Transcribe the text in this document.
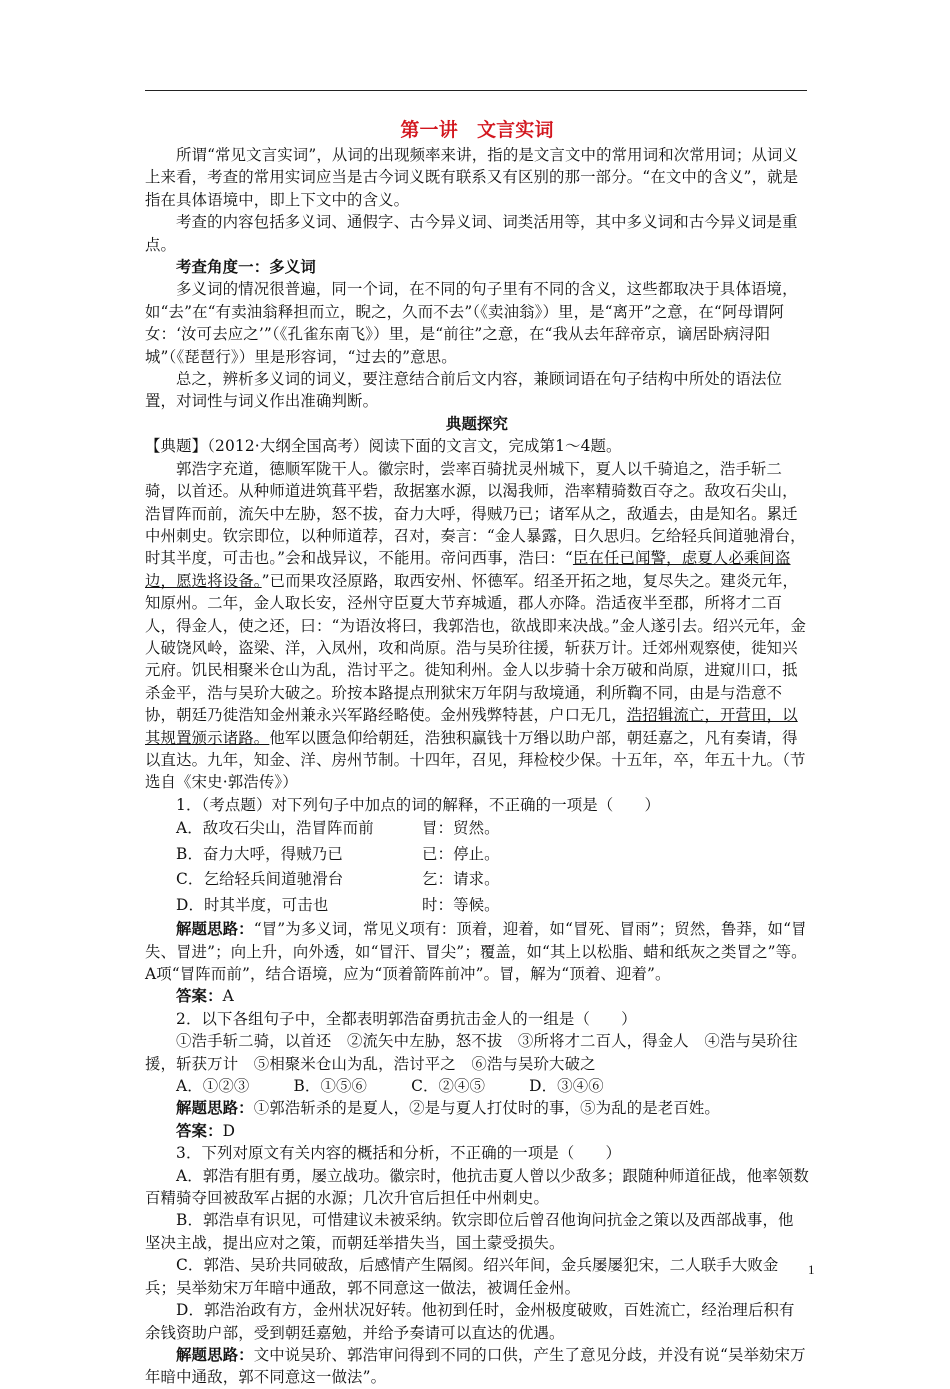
第一讲　文言实词

所谓“常见文言实词”，从词的出现频率来讲，指的是文言文中的常用词和次常用词；从词义上来看，考查的常用实词应当是古今词义既有联系又有区别的那一部分。“在文中的含义”，就是指在具体语境中，即上下文中的含义。

考查的内容包括多义词、通假字、古今异义词、词类活用等，其中多义词和古今异义词是重点。

考查角度一：多义词

多义词的情况很普遍，同一个词，在不同的句子里有不同的含义，这些都取决于具体语境，如“去”在“有卖油翁释担而立，睨之，久而不去”（《卖油翁》）里，是“离开”之意，在“阿母谓阿女：‘汝可去应之’”（《孔雀东南飞》）里，是“前往”之意，在“我从去年辞帝京，谪居卧病浔阳城”（《琵琶行》）里是形容词，“过去的”意思。

总之，辨析多义词的词义，要注意结合前后文内容，兼顾词语在句子结构中所处的语法位置，对词性与词义作出准确判断。

典题探究

【典题】（2012·大纲全国高考）阅读下面的文言文，完成第1～4题。

郭浩字充道，德顺军陇干人。徽宗时，尝率百骑扰灵州城下，夏人以千骑追之，浩手斩二骑，以首还。从种师道进筑葺平砦，敌据塞水源，以渴我师，浩率精骑数百夺之。敌攻石尖山，浩冒阵而前，流矢中左胁，怒不拔，奋力大呼，得贼乃已；诸军从之，敌遁去，由是知名。累迁中州刺史。钦宗即位，以种师道荐，召对，奏言：“金人暴露，日久思归。乞给轻兵间道驰滑台，时其半度，可击也。”会和战异议，不能用。帝问西事，浩曰：“臣在任已闻警，虑夏人必乘间盗边，愿选将设备。”已而果攻泾原路，取西安州、怀德军。绍圣开拓之地，复尽失之。建炎元年，知原州。二年，金人取长安，泾州守臣夏大节弃城遁，郡人亦降。浩适夜半至郡，所将才二百人，得金人，使之还，曰：“为语汝将曰，我郭浩也，欲战即来决战。”金人遂引去。绍兴元年，金人破饶风岭，盗梁、洋，入凤州，攻和尚原。浩与吴玠往援，斩获万计。迁郊州观察使，徙知兴元府。饥民相聚米仓山为乱，浩讨平之。徙知利州。金人以步骑十余万破和尚原，进窥川口，抵杀金平，浩与吴玠大破之。玠按本路提点刑狱宋万年阴与敌境通，利所鞫不同，由是与浩意不协，朝廷乃徙浩知金州兼永兴军路经略使。金州残弊特甚，户口无几，浩招辑流亡，开营田，以其规置颁示诸路。他军以匮急仰给朝廷，浩独积赢钱十万缗以助户部，朝廷嘉之，凡有奏请，得以直达。九年，知金、洋、房州节制。十四年，召见，拜检校少保。十五年，卒，年五十九。（节选自《宋史·郭浩传》）

1．（考点题）对下列句子中加点的词的解释，不正确的一项是（　　）

A．敌攻石尖山，浩冒阵而前	冒：贸然。
B．奋力大呼，得贼乃已	已：停止。
C．乞给轻兵间道驰滑台	乞：请求。
D．时其半度，可击也	时：等候。

解题思路：“冒”为多义词，常见义项有：顶着，迎着，如“冒死、冒雨”；贸然，鲁莽，如“冒失、冒进”；向上升，向外透，如“冒汗、冒尖”；覆盖，如“其上以松脂、蜡和纸灰之类冒之”等。A项“冒阵而前”，结合语境，应为“顶着箭阵前冲”。冒，解为“顶着、迎着”。

答案：A

2．以下各组句子中，全都表明郭浩奋勇抗击金人的一组是（　　）

①浩手斩二骑，以首还　②流矢中左胁，怒不拔　③所将才二百人，得金人　④浩与吴玠往援，斩获万计　⑤相聚米仓山为乱，浩讨平之　⑥浩与吴玠大破之

A．①②③	B．①⑤⑥	C．②④⑤	D．③④⑥

解题思路：①郭浩斩杀的是夏人，②是与夏人打仗时的事，⑤为乱的是老百姓。

答案：D

3．下列对原文有关内容的概括和分析，不正确的一项是（　　）

A．郭浩有胆有勇，屡立战功。徽宗时，他抗击夏人曾以少敌多；跟随种师道征战，他率领数百精骑夺回被敌军占据的水源；几次升官后担任中州刺史。

B．郭浩卓有识见，可惜建议未被采纳。钦宗即位后曾召他询问抗金之策以及西部战事，他坚决主战，提出应对之策，而朝廷举措失当，国土蒙受损失。

C．郭浩、吴玠共同破敌，后感情产生隔阂。绍兴年间，金兵屡屡犯宋，二人联手大败金兵；吴举劾宋万年暗中通敌，郭不同意这一做法，被调任金州。

D．郭浩治政有方，金州状况好转。他初到任时，金州极度破败，百姓流亡，经治理后积有余钱资助户部，受到朝廷嘉勉，并给予奏请可以直达的优遇。

解题思路：文中说吴玠、郭浩审问得到不同的口供，产生了意见分歧，并没有说“吴举劾宋万年暗中通敌，郭不同意这一做法”。

1
